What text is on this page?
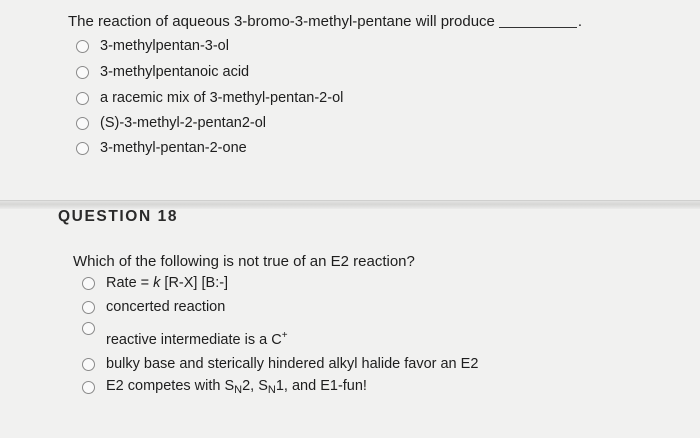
The reaction of aqueous 3-bromo-3-methyl-pentane will produce	.
3-methylpentan-3-ol
3-methylpentanoic acid
a racemic mix of 3-methyl-pentan-2-ol
(S)-3-methyl-2-pentan2-ol
3-methyl-pentan-2-one
QUESTION 18
Which of the following is not true of an E2 reaction?
Rate = k [R-X] [B:-]
concerted reaction
reactive intermediate is a C+
bulky base and sterically hindered alkyl halide favor an E2
E2 competes with $S_N2$, $S_N1$, and E1-fun!
